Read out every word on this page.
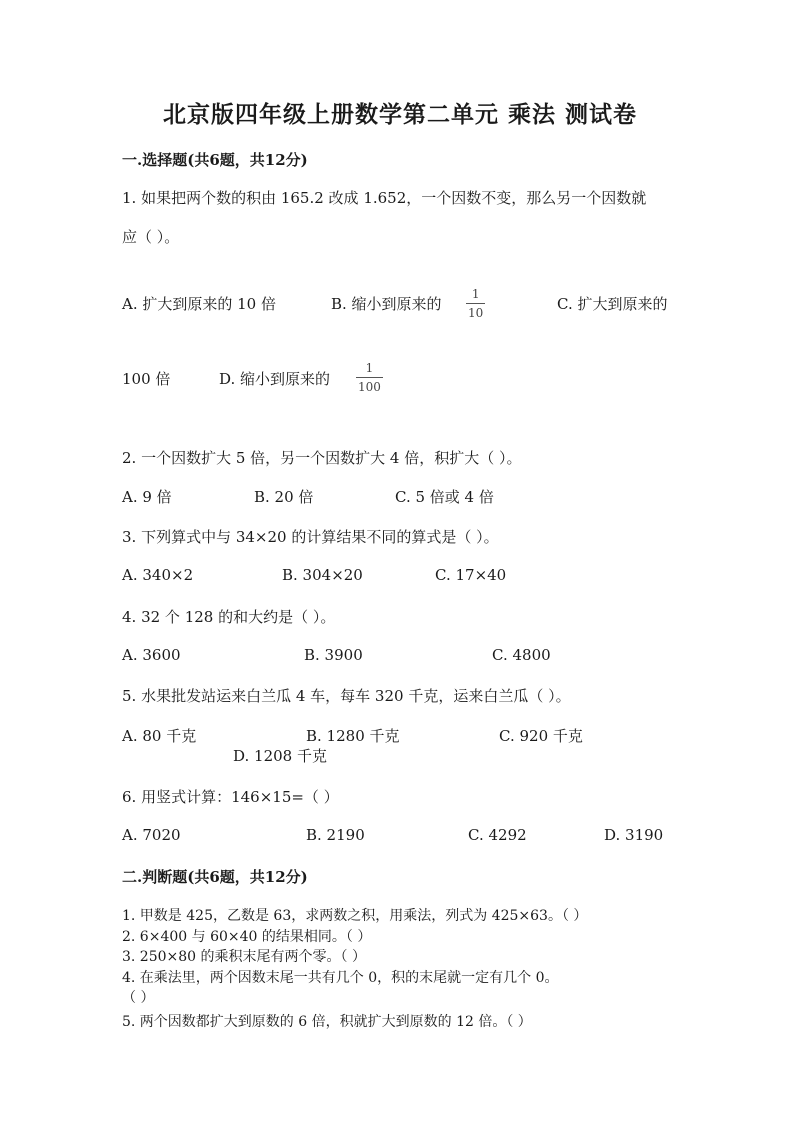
北京版四年级上册数学第二单元 乘法 测试卷
一.选择题(共6题，共12分)
1. 如果把两个数的积由 165.2 改成 1.652，一个因数不变，那么另一个因数就
应（ ）。
A. 扩大到原来的 10 倍	B. 缩小到原来的 $\frac{1}{10}$	C. 扩大到原来的
100 倍	D. 缩小到原来的 $\frac{1}{100}$
2. 一个因数扩大 5 倍，另一个因数扩大 4 倍，积扩大（ ）。
A. 9 倍	B. 20 倍	C. 5 倍或 4 倍
3. 下列算式中与 34×20 的计算结果不同的算式是（ ）。
A. 340×2	B. 304×20	C. 17×40
4. 32 个 128 的和大约是（ ）。
A. 3600	B. 3900	C. 4800
5. 水果批发站运来白兰瓜 4 车，每车 320 千克，运来白兰瓜（ ）。
A. 80 千克	B. 1280 千克	C. 920 千克
D. 1208 千克
6. 用竖式计算：146×15=（ ）
A. 7020	B. 2190	C. 4292	D. 3190
二.判断题(共6题，共12分)
1. 甲数是 425，乙数是 63，求两数之积，用乘法，列式为 425×63。（ ）
2. 6×400 与 60×40 的结果相同。（ ）
3. 250×80 的乘积末尾有两个零。（ ）
4. 在乘法里，两个因数末尾一共有几个 0，积的末尾就一定有几个 0。
（ ）
5. 两个因数都扩大到原数的 6 倍，积就扩大到原数的 12 倍。（ ）
